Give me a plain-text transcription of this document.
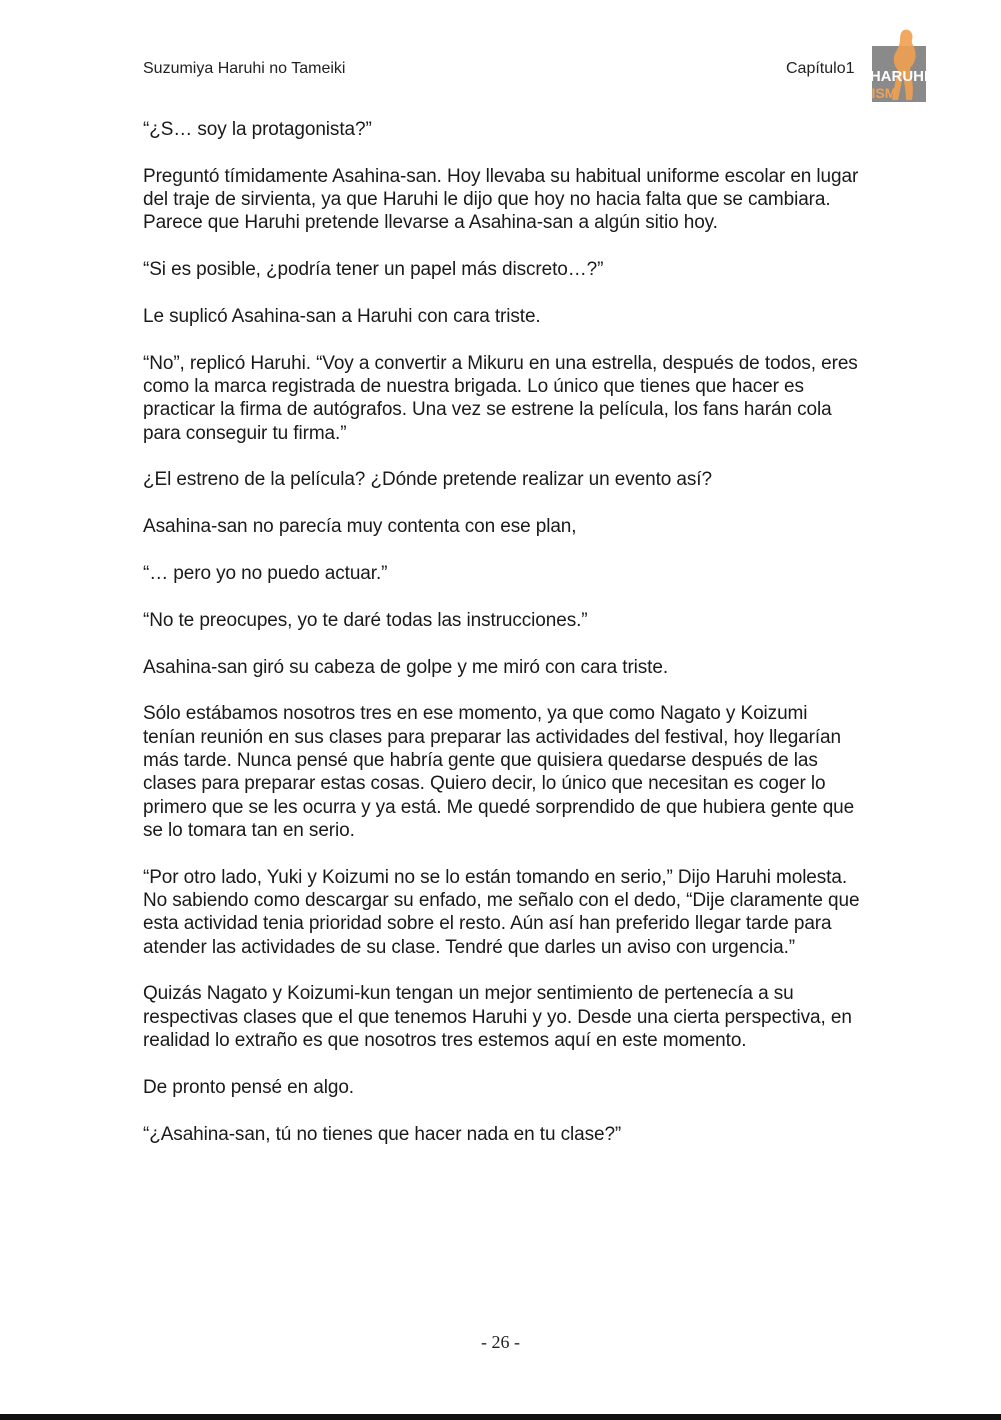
Suzumiya Haruhi no Tameiki	Capítulo1 HARUHI
ISM

“¿S… soy la protagonista?”

Preguntó tímidamente Asahina-san. Hoy llevaba su habitual uniforme escolar en lugar del traje de sirvienta, ya que Haruhi le dijo que hoy no hacia falta que se cambiara. Parece que Haruhi pretende llevarse a Asahina-san a algún sitio hoy.

“Si es posible, ¿podría tener un papel más discreto…?”

Le suplicó Asahina-san a Haruhi con cara triste.

“No”, replicó Haruhi. “Voy a convertir a Mikuru en una estrella, después de todos, eres como la marca registrada de nuestra brigada. Lo único que tienes que hacer es practicar la firma de autógrafos. Una vez se estrene la película, los fans harán cola para conseguir tu firma.”

¿El estreno de la película? ¿Dónde pretende realizar un evento así?

Asahina-san no parecía muy contenta con ese plan,

“… pero yo no puedo actuar.”

“No te preocupes, yo te daré todas las instrucciones.”

Asahina-san giró su cabeza de golpe y me miró con cara triste.

Sólo estábamos nosotros tres en ese momento, ya que como Nagato y Koizumi tenían reunión en sus clases para preparar las actividades del festival, hoy llegarían más tarde. Nunca pensé que habría gente que quisiera quedarse después de las clases para preparar estas cosas. Quiero decir, lo único que necesitan es coger lo primero que se les ocurra y ya está. Me quedé sorprendido de que hubiera gente que se lo tomara tan en serio.

“Por otro lado, Yuki y Koizumi no se lo están tomando en serio,” Dijo Haruhi molesta. No sabiendo como descargar su enfado, me señalo con el dedo, “Dije claramente que esta actividad tenia prioridad sobre el resto. Aún así han preferido llegar tarde para atender las actividades de su clase. Tendré que darles un aviso con urgencia.”

Quizás Nagato y Koizumi-kun tengan un mejor sentimiento de pertenecía a su respectivas clases que el que tenemos Haruhi y yo. Desde una cierta perspectiva, en realidad lo extraño es que nosotros tres estemos aquí en este momento.

De pronto pensé en algo.

“¿Asahina-san, tú no tienes que hacer nada en tu clase?”

- 26 -
